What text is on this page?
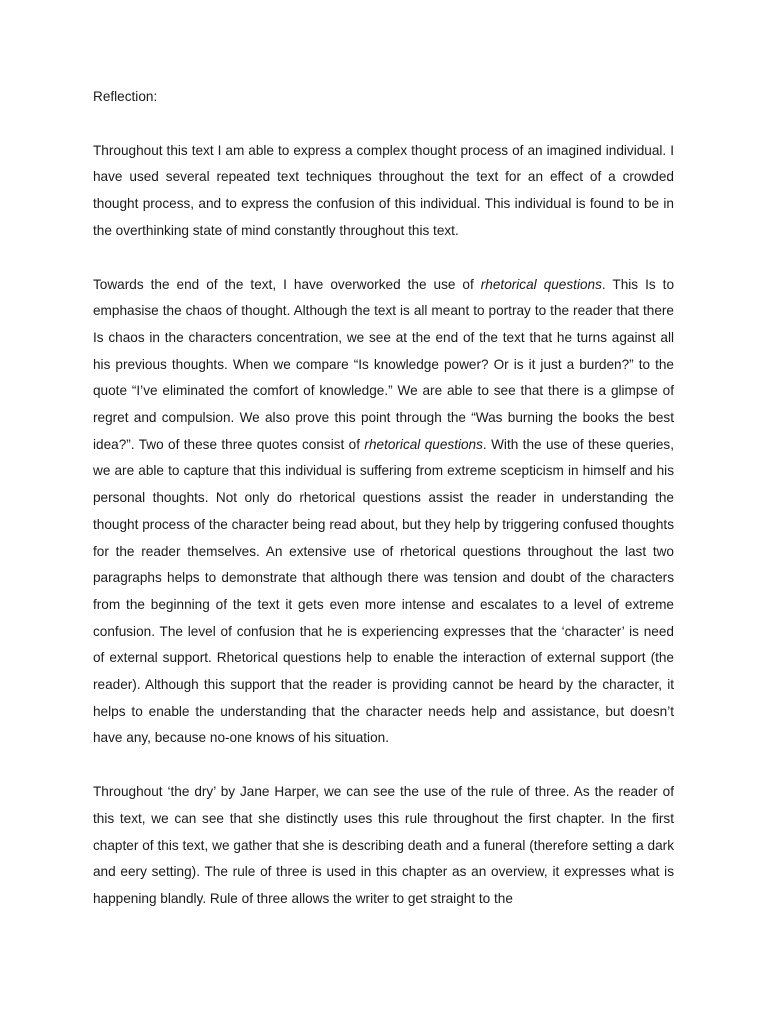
Reflection:

Throughout this text I am able to express a complex thought process of an imagined individual. I have used several repeated text techniques throughout the text for an effect of a crowded thought process, and to express the confusion of this individual. This individual is found to be in the overthinking state of mind constantly throughout this text.

Towards the end of the text, I have overworked the use of rhetorical questions. This Is to emphasise the chaos of thought. Although the text is all meant to portray to the reader that there Is chaos in the characters concentration, we see at the end of the text that he turns against all his previous thoughts. When we compare “Is knowledge power? Or is it just a burden?” to the quote “I’ve eliminated the comfort of knowledge.” We are able to see that there is a glimpse of regret and compulsion. We also prove this point through the “Was burning the books the best idea?”. Two of these three quotes consist of rhetorical questions. With the use of these queries, we are able to capture that this individual is suffering from extreme scepticism in himself and his personal thoughts. Not only do rhetorical questions assist the reader in understanding the thought process of the character being read about, but they help by triggering confused thoughts for the reader themselves. An extensive use of rhetorical questions throughout the last two paragraphs helps to demonstrate that although there was tension and doubt of the characters from the beginning of the text it gets even more intense and escalates to a level of extreme confusion. The level of confusion that he is experiencing expresses that the ‘character’ is need of external support. Rhetorical questions help to enable the interaction of external support (the reader). Although this support that the reader is providing cannot be heard by the character, it helps to enable the understanding that the character needs help and assistance, but doesn’t have any, because no-one knows of his situation.

Throughout ‘the dry’ by Jane Harper, we can see the use of the rule of three. As the reader of this text, we can see that she distinctly uses this rule throughout the first chapter. In the first chapter of this text, we gather that she is describing death and a funeral (therefore setting a dark and eery setting). The rule of three is used in this chapter as an overview, it expresses what is happening blandly. Rule of three allows the writer to get straight to the
